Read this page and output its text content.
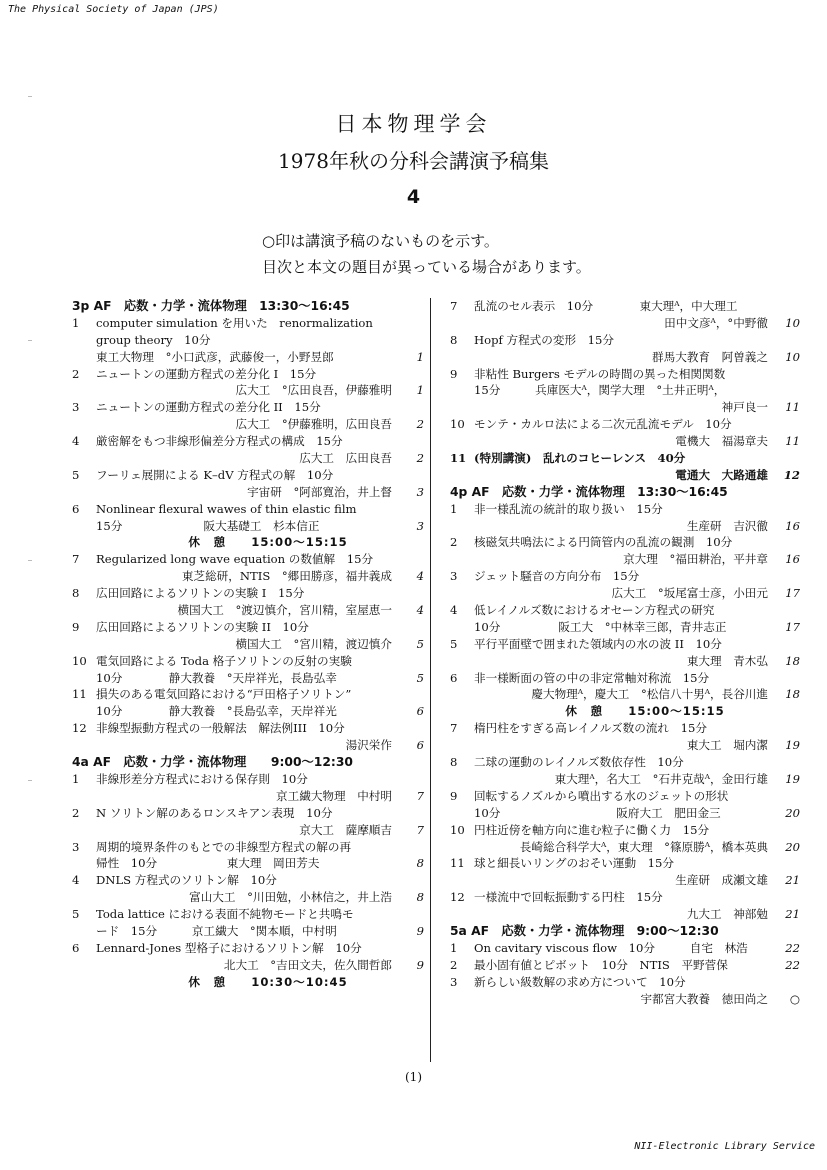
The Physical Society of Japan (JPS)
日本物理学会
1978年秋の分科会講演予稿集
4
○印は講演予稿のないものを示す。
目次と本文の題目が異っている場合があります。
3p AF　応数・力学・流体物理　13:30～16:45
1	computer simulation を用いた　renormalization
group theory　10分
東工大物理　°小口武彦，武藤俊一，小野昱郎	1
2	ニュートンの運動方程式の差分化 I　15分
広大工　°広田良吾，伊藤雅明	1
3	ニュートンの運動方程式の差分化 II　15分
広大工　°伊藤雅明，広田良吾	2
4	厳密解をもつ非線形偏差分方程式の構成　15分
広大工　広田良吾	2
5	フーリェ展開による K–dV 方程式の解　10分
宇宙研　°阿部寛治，井上督	3
6	Nonlinear flexural wawes of thin elastic film
15分　　　　　　　阪大基礎工　杉本信正	3
休　憩　　15:00～15:15
7	Regularized long wave equation の数値解　15分
東芝総研，NTIS　°郷田勝彦，福井義成	4
8	広田回路によるソリトンの実験 I　15分
横国大工　°渡辺慎介，宮川精，室屋恵一	4
9	広田回路によるソリトンの実験 II　10分
横国大工　°宮川精，渡辺慎介	5
10 電気回路による Toda 格子ソリトンの反射の実験
10分　　　　静大教養　°天岸祥光，長島弘幸	5
11 損失のある電気回路における“戸田格子ソリトン”
10分　　　　静大教養　°長島弘幸，天岸祥光	6
12 非線型振動方程式の一般解法　解法例III　10分
湯沢栄作	6
4a AF　応数・力学・流体物理　　9:00～12:30
1	非線形差分方程式における保存則　10分
京工繊大物理　中村明	7
2	N ソリトン解のあるロンスキアン表現　10分
京大工　薩摩順吉	7
3	周期的境界条件のもとでの非線型方程式の解の再
帰性　10分　　　　　　東大理　岡田芳夫	8
4	DNLS 方程式のソリトン解　10分
富山大工　°川田勉，小林信之，井上浩	8
5	Toda lattice における表面不純物モードと共鳴モ
ード　15分　　　京工繊大　°関本順，中村明	9
6	Lennard-Jones 型格子におけるソリトン解　10分
北大工　°吉田文夫，佐久間哲郎	9
休　憩　　10:30～10:45
7	乱流のセル表示　10分　　　　東大理ᴬ，中大理工
田中文彦ᴬ，°中野徹	10
8	Hopf 方程式の変形　15分
群馬大教育　阿曽義之	10
9	非粘性 Burgers モデルの時間の異った相関関数
15分　　　兵庫医大ᴬ，関学大理　°土井正明ᴬ，
神戸良一	11
10 モンテ・カルロ法による二次元乱流モデル　10分
電機大　福湯章夫	11
11 (特別講演)　乱れのコヒーレンス　40分
電通大　大路通雄	12
4p AF　応数・力学・流体物理　13:30～16:45
1	非一様乱流の統計的取り扱い　15分
生産研　吉沢徹	16
2	核磁気共鳴法による円筒管内の乱流の観測　10分
京大理　°福田耕治，平井章	16
3	ジェット騒音の方向分布　15分
広大工　°坂尾富士彦，小田元	17
4	低レイノルズ数におけるオセーン方程式の研究
10分　　　　　阪工大　°中林幸三郎，青井志正	17
5	平行平面壁で囲まれた領域内の水の波 II　10分
東大理　青木弘	18
6	非一様断面の管の中の非定常軸対称流　15分
慶大物理ᴬ，慶大工　°松信八十男ᴬ，長谷川進	18
休　憩　　15:00～15:15
7	楕円柱をすぎる高レイノルズ数の流れ　15分
東大工　堀内潔	19
8	二球の運動のレイノルズ数依存性　10分
東大理ᴬ，名大工　°石井克哉ᴬ，金田行雄	19
9	回転するノズルから噴出する水のジェットの形状
10分　　　　　　　　　　阪府大工　肥田金三	20
10 円柱近傍を軸方向に進む粒子に働く力　15分
長崎総合科学大ᴬ，東大理　°篠原勝ᴬ，橋本英典	20
11 球と細長いリングのおそい運動　15分
生産研　成瀬文雄	21
12 一様流中で回転振動する円柱　15分
九大工　神部勉	21
5a AF　応数・力学・流体物理　9:00～12:30
1	On cavitary viscous flow　10分　　　自宅　林浩	22
2	最小固有値とピボット　10分　NTIS　平野菅保	22
3	新らしい級数解の求め方について　10分
宇都宮大教養　徳田尚之	○
(1)
NII-Electronic Library Service
